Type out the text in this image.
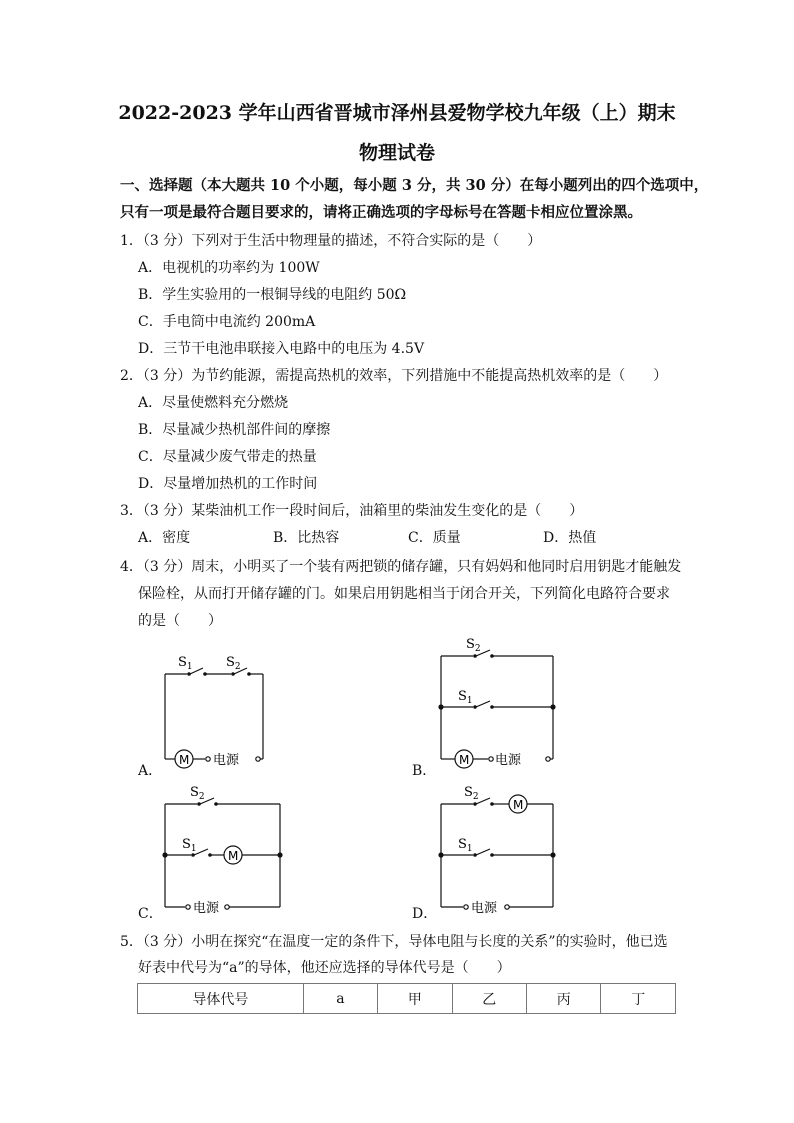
2022-2023 学年山西省晋城市泽州县爱物学校九年级（上）期末
物理试卷
一、选择题（本大题共 10 个小题，每小题 3 分，共 30 分）在每小题列出的四个选项中，
只有一项是最符合题目要求的，请将正确选项的字母标号在答题卡相应位置涂黑。
1．（3 分）下列对于生活中物理量的描述，不符合实际的是（　　）
A．电视机的功率约为 100W
B．学生实验用的一根铜导线的电阻约 50Ω
C．手电筒中电流约 200mA
D．三节干电池串联接入电路中的电压为 4.5V
2．（3 分）为节约能源，需提高热机的效率，下列措施中不能提高热机效率的是（　　）
A．尽量使燃料充分燃烧
B．尽量减少热机部件间的摩擦
C．尽量减少废气带走的热量
D．尽量增加热机的工作时间
3．（3 分）某柴油机工作一段时间后，油箱里的柴油发生变化的是（　　）
A．密度	B．比热容	C．质量	D．热值
4．（3 分）周末，小明买了一个装有两把锁的储存罐，只有妈妈和他同时启用钥匙才能触发
保险栓，从而打开储存罐的门。如果启用钥匙相当于闭合开关，下列简化电路符合要求
的是（　　）
A．
$S_1$	$S_2$
M 电源
B．
$S_2$
$S_1$
M 电源
C．
$S_2$
$S_1$	M
电源	D．
$S_2$
$S_1$
M
电源
5．（3 分）小明在探究“在温度一定的条件下，导体电阻与长度的关系”的实验时，他已选
好表中代号为“a”的导体，他还应选择的导体代号是（　　）
导体代号	a	甲	乙	丙	丁
